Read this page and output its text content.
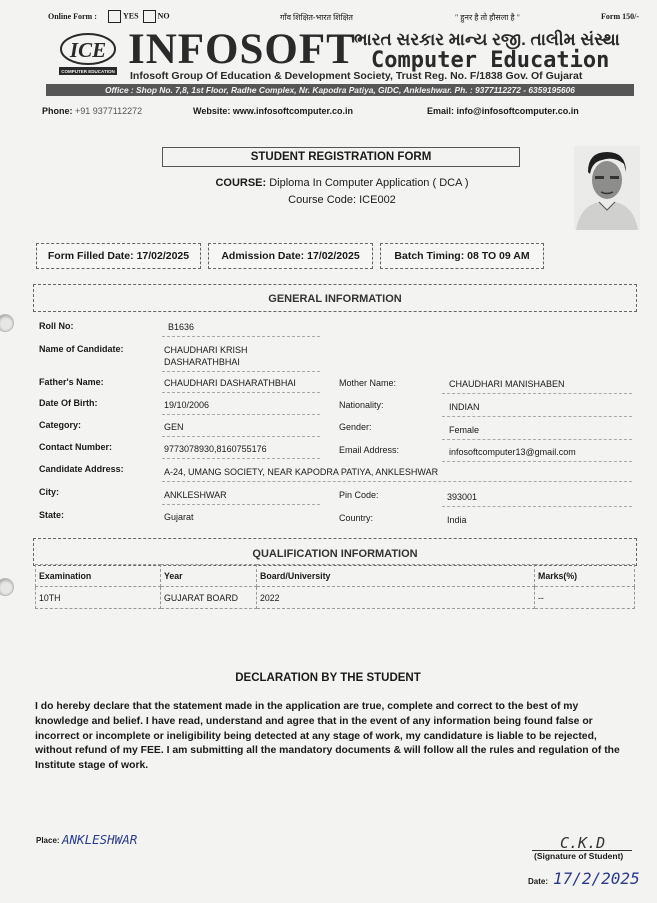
Online Form :	YES NO	गाँव शिक्षित-भारत शिक्षित	" हुनर है तो हौसला है "	Form 150/-
ICE
COMPUTER EDUCATION INFOSOFT
ભારત સરકાર માન્ય રજી. તાલીમ સંસ્થા
Computer Education
Infosoft Group Of Education & Development Society, Trust Reg. No. F/1838 Gov. Of Gujarat
Office : Shop No. 7,8, 1st Floor, Radhe Complex, Nr. Kapodra Patiya, GIDC, Ankleshwar. Ph. : 9377112272 - 6359195606
Phone: +91 9377112272	Website: www.infosoftcomputer.co.in	Email: info@infosoftcomputer.co.in
STUDENT REGISTRATION FORM
COURSE: Diploma In Computer Application ( DCA )
Course Code: ICE002
Form Filled Date: 17/02/2025	Admission Date: 17/02/2025	Batch Timing: 08 TO 09 AM
GENERAL INFORMATION
Roll No:	B1636
Name of Candidate:	CHAUDHARI KRISH
DASHARATHBHAI
Father's Name:	CHAUDHARI DASHARATHBHAI	Mother Name:	CHAUDHARI MANISHABEN
Date Of Birth:	19/10/2006	Nationality:	INDIAN
Category:	GEN	Gender:	Female
Contact Number:	9773078930,8160755176	Email Address:	infosoftcomputer13@gmail.com
Candidate Address:	A-24, UMANG SOCIETY, NEAR KAPODRA PATIYA, ANKLESHWAR
City:	ANKLESHWAR	Pin Code:	393001
State:	Gujarat	Country:	India
QUALIFICATION INFORMATION
Examination	Year	Board/University	Marks(%)
10TH	GUJARAT BOARD	2022	--
DECLARATION BY THE STUDENT
I do hereby declare that the statement made in the application are true, complete and correct to the best of my knowledge and belief. I have read, understand and agree that in the event of any information being found false or incorrect or incomplete or ineligibility being detected at any stage of work, my candidature is liable to be rejected, without refund of my FEE. I am submitting all the mandatory documents & will follow all the rules and regulation of the Institute stage of work.
Place: ANKLESHWAR	C.K.D
(Signature of Student)
Date: 17/2/2025
